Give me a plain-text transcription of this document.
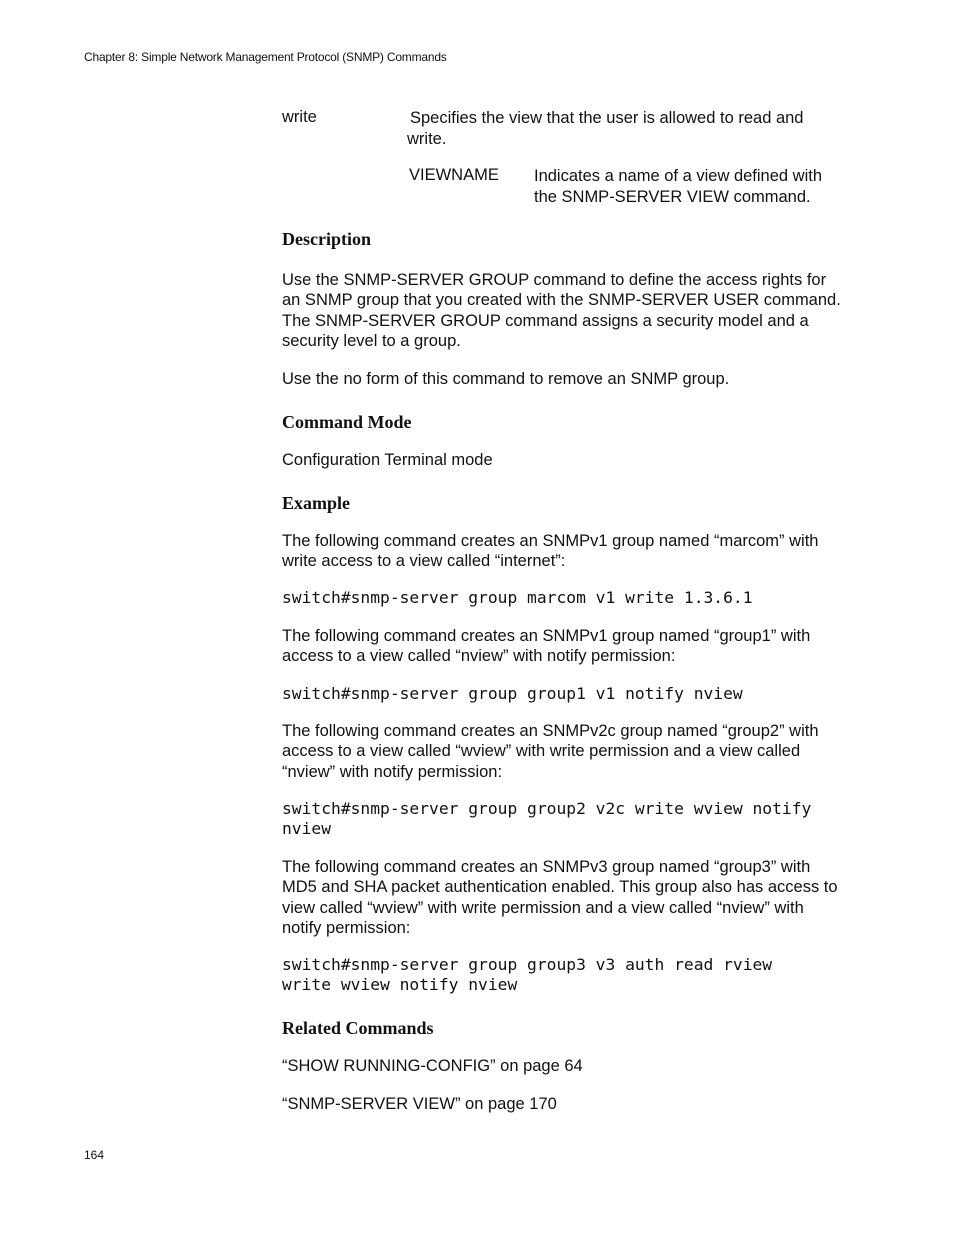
Chapter 8: Simple Network Management Protocol (SNMP) Commands
write	Specifies the view that the user is allowed to read and
write.
VIEWNAME Indicates a name of a view defined with the SNMP-SERVER VIEW command.
Description

Use the SNMP-SERVER GROUP command to define the access rights for an SNMP group that you created with the SNMP-SERVER USER command. The SNMP-SERVER GROUP command assigns a security model and a security level to a group.

Use the no form of this command to remove an SNMP group.

Command Mode

Configuration Terminal mode

Example

The following command creates an SNMPv1 group named “marcom” with write access to a view called “internet”:

switch#snmp-server group marcom v1 write 1.3.6.1

The following command creates an SNMPv1 group named “group1” with access to a view called “nview” with notify permission:

switch#snmp-server group group1 v1 notify nview

The following command creates an SNMPv2c group named “group2” with access to a view called “wview” with write permission and a view called “nview” with notify permission:

switch#snmp-server group group2 v2c write wview notify
nview

The following command creates an SNMPv3 group named “group3” with MD5 and SHA packet authentication enabled. This group also has access to view called “wview” with write permission and a view called “nview” with notify permission:

switch#snmp-server group group3 v3 auth read rview
write wview notify nview
Related Commands

“SHOW RUNNING-CONFIG” on page 64

“SNMP-SERVER VIEW” on page 170

164
